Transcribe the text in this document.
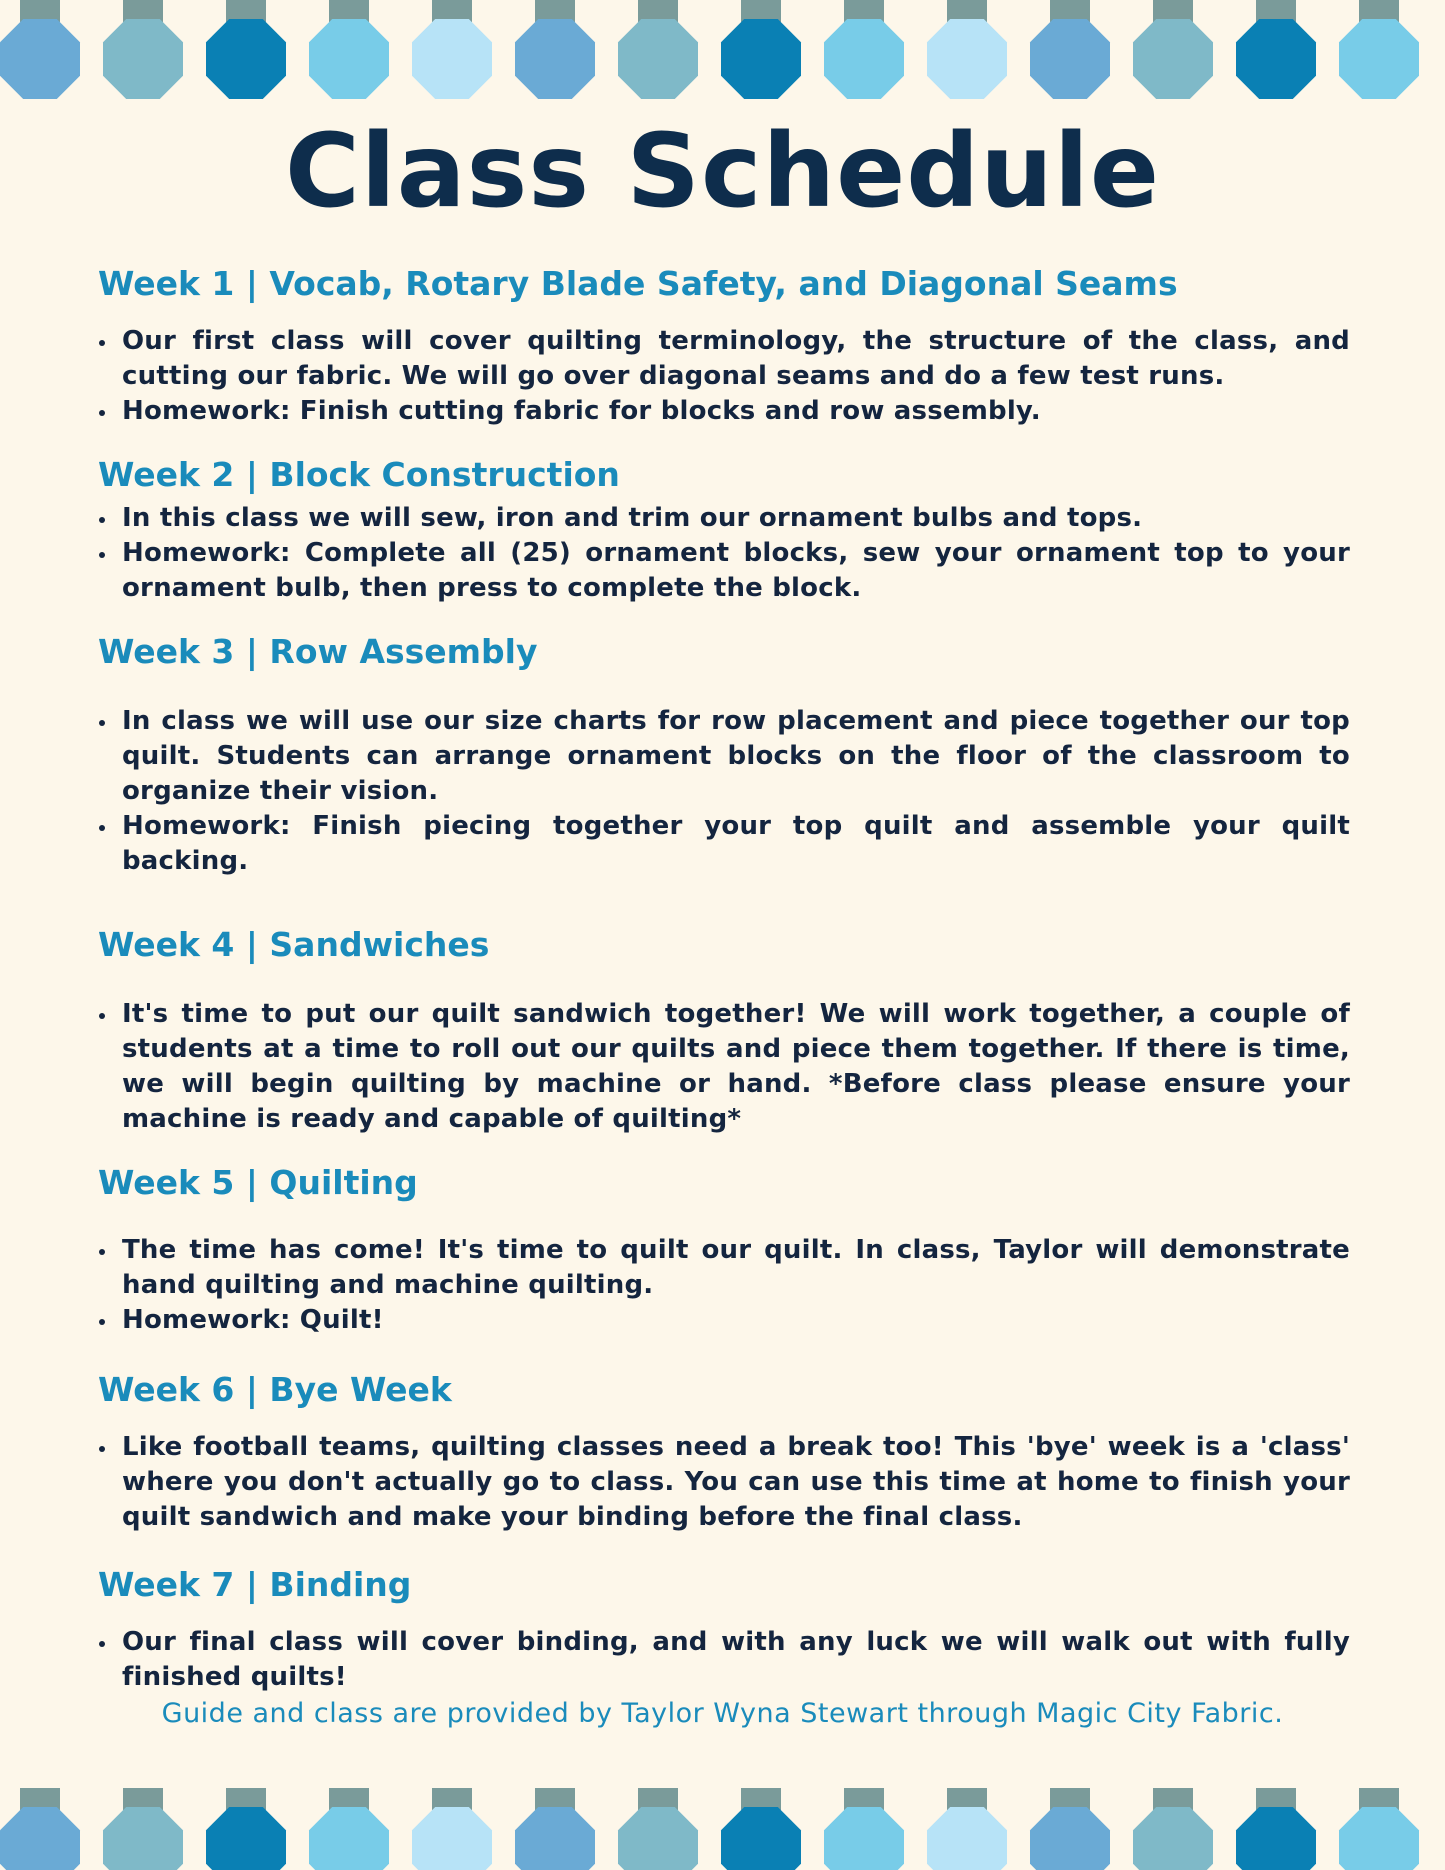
Class Schedule
Week 1 | Vocab, Rotary Blade Safety, and Diagonal Seams
Our first class will cover quilting terminology, the structure of the class, and cutting our fabric. We will go over diagonal seams and do a few test runs.
Homework: Finish cutting fabric for blocks and row assembly.
Week 2 | Block Construction
In this class we will sew, iron and trim our ornament bulbs and tops.
Homework: Complete all (25) ornament blocks, sew your ornament top to your ornament bulb, then press to complete the block.
Week 3 | Row Assembly
In class we will use our size charts for row placement and piece together our top quilt. Students can arrange ornament blocks on the floor of the classroom to organize their vision.
Homework: Finish piecing together your top quilt and assemble your quilt backing.
Week 4 | Sandwiches
It's time to put our quilt sandwich together! We will work together, a couple of students at a time to roll out our quilts and piece them together. If there is time, we will begin quilting by machine or hand. *Before class please ensure your machine is ready and capable of quilting*
Week 5 | Quilting
The time has come! It's time to quilt our quilt. In class, Taylor will demonstrate hand quilting and machine quilting.
Homework: Quilt!
Week 6 | Bye Week
Like football teams, quilting classes need a break too! This 'bye' week is a 'class' where you don't actually go to class. You can use this time at home to finish your quilt sandwich and make your binding before the final class.
Week 7 | Binding
Our final class will cover binding, and with any luck we will walk out with fully finished quilts!
Guide and class are provided by Taylor Wyna Stewart through Magic City Fabric.
